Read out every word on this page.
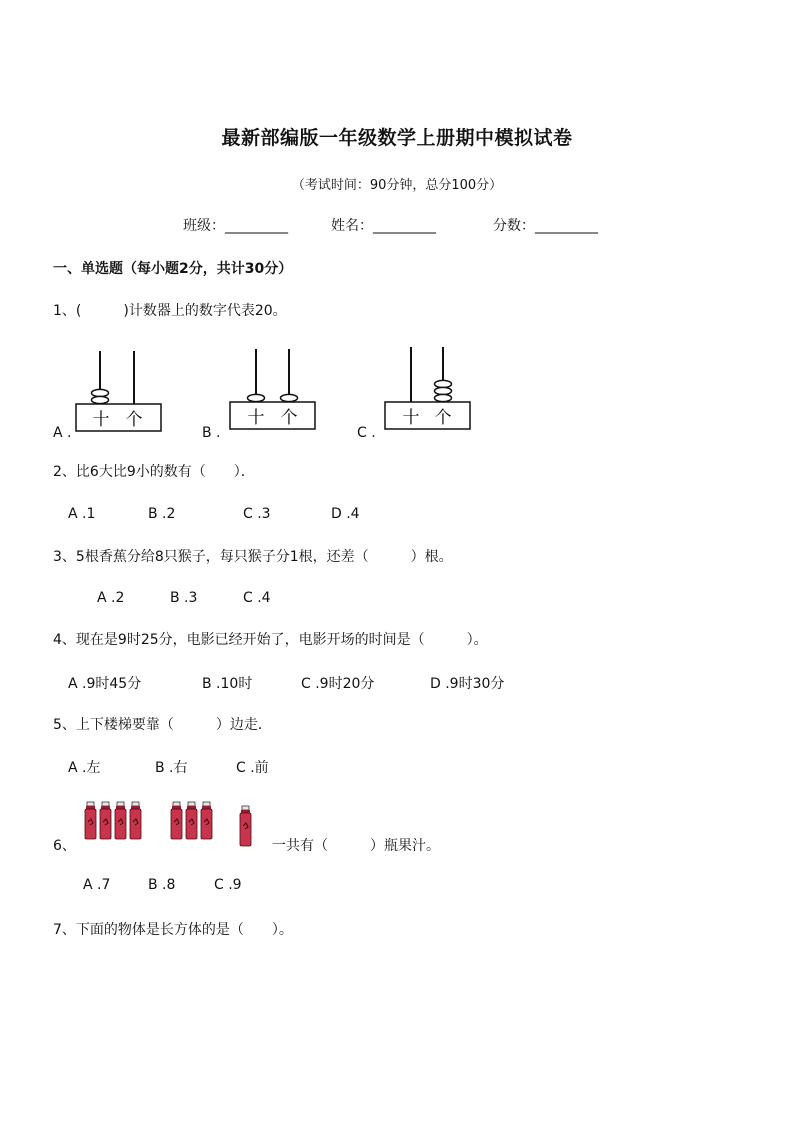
最新部编版一年级数学上册期中模拟试卷
（考试时间：90分钟，总分100分）
班级：_________	姓名：_________	分数：_________
一、单选题（每小题2分，共计30分）
1、(　　　)计数器上的数字代表20。
A .
十 个
B .
十 个
C .
十 个
2、比6大比9小的数有（　　）．
A .1	B .2	C .3	D .4
3、5根香蕉分给8只猴子，每只猴子分1根，还差（　　　）根。
A .2	B .3	C .4
4、现在是9时25分，电影已经开始了，电影开场的时间是（　　　）。
A .9时45分	B .10时	C .9时20分	D .9时30分
5、上下楼梯要靠（　　　）边走．
A .左	B .右	C .前
6、	一共有（　　　）瓶果汁。
A .7	B .8	C .9
7、下面的物体是长方体的是（　　）。
